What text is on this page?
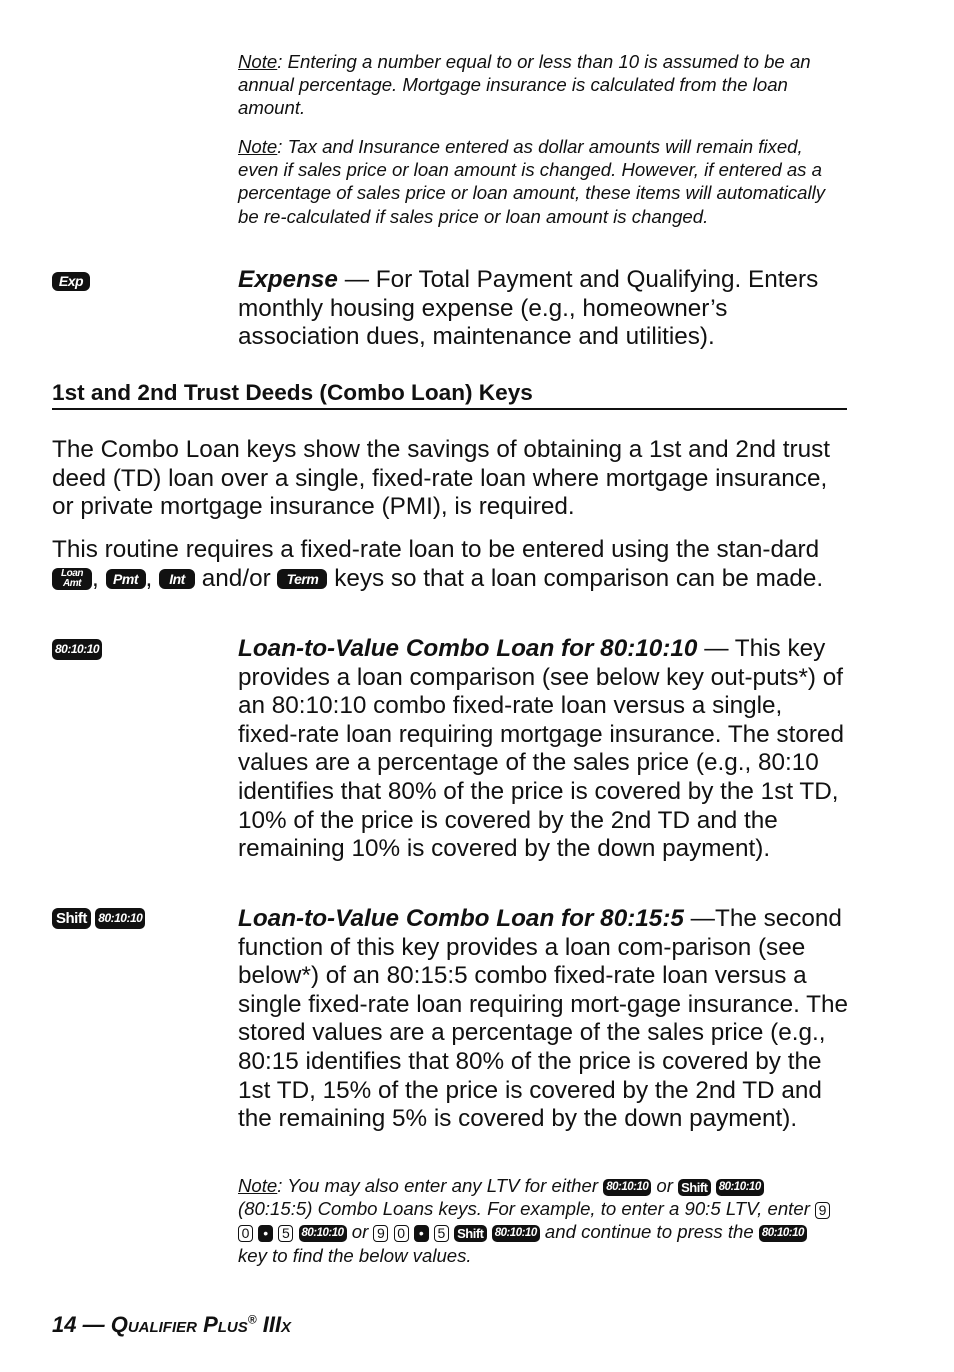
Note: Entering a number equal to or less than 10 is assumed to be an annual percentage. Mortgage insurance is calculated from the loan amount.
Note: Tax and Insurance entered as dollar amounts will remain fixed, even if sales price or loan amount is changed. However, if entered as a percentage of sales price or loan amount, these items will automatically be re-calculated if sales price or loan amount is changed.
Exp	Expense — For Total Payment and Qualifying. Enters monthly housing expense (e.g., homeowner’s association dues, maintenance and utilities).
1st and 2nd Trust Deeds (Combo Loan) Keys
The Combo Loan keys show the savings of obtaining a 1st and 2nd trust deed (TD) loan over a single, fixed-rate loan where mortgage insurance, or private mortgage insurance (PMI), is required.
This routine requires a fixed-rate loan to be entered using the stan-dard
Loan
Amt , Pmt , Int and/or Term keys so that a loan comparison can be made.
80:10:10	Loan-to-Value Combo Loan for 80:10:10 — This key provides a loan comparison (see below key out-puts*) of an 80:10:10 combo fixed-rate loan versus a single, fixed-rate loan requiring mortgage insurance. The stored values are a percentage of the sales price (e.g., 80:10 identifies that 80% of the price is covered by the 1st TD, 10% of the price is covered by the 2nd TD and the remaining 10% is covered by the down payment).
Shift 80:10:10	Loan-to-Value Combo Loan for 80:15:5 —The second function of this key provides a loan com-parison (see below*) of an 80:15:5 combo fixed-rate loan versus a single fixed-rate loan requiring mort-gage insurance. The stored values are a percentage of the sales price (e.g., 80:15 identifies that 80% of the price is covered by the 1st TD, 15% of the price is covered by the 2nd TD and the remaining 5% is covered by the down payment).
Note: You may also enter any LTV for either 80:10:10 or Shift 80:10:10 (80:15:5) Combo Loans keys. For example, to enter a 90:5 LTV, enter 9 0 • 5 80:10:10 or 9 0 • 5 Shift 80:10:10 and continue to press the 80:10:10 key to find the below values.
14 — Qualifier Plus® IIIx
